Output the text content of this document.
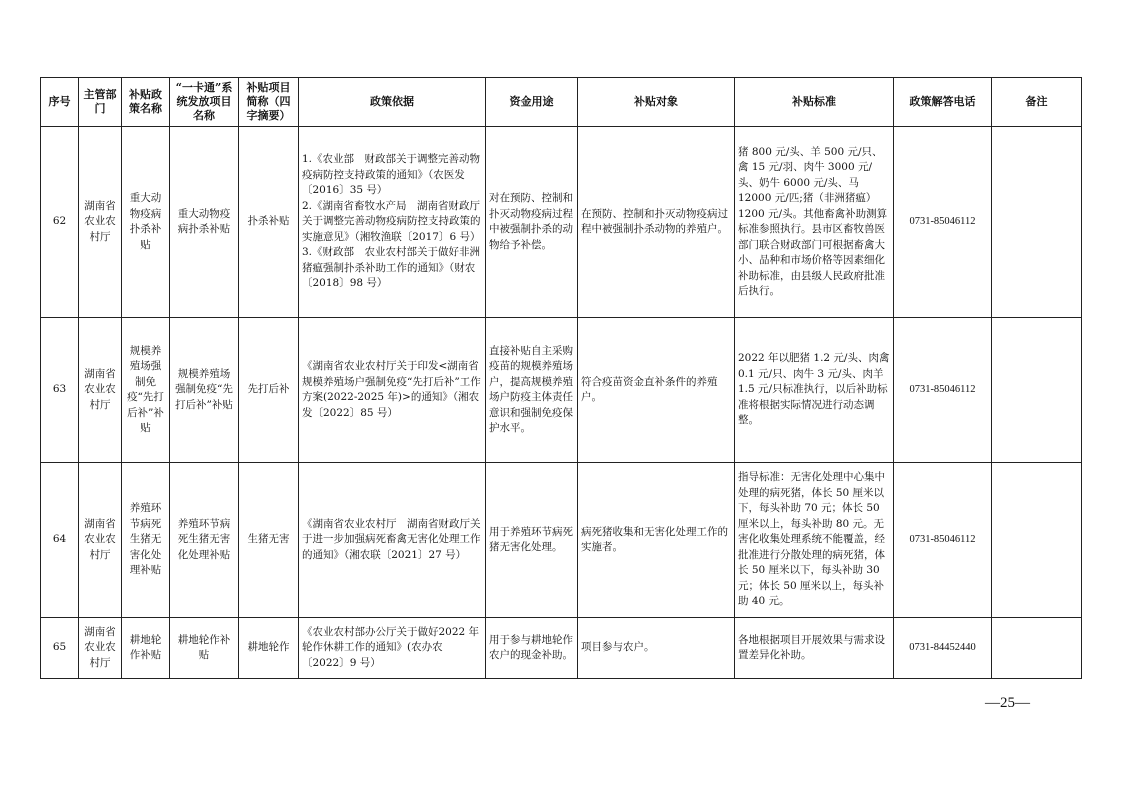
序号	主管部门	补贴政策名称	“一卡通”系统发放项目名称	补贴项目简称（四字摘要）	政策依据	资金用途	补贴对象	补贴标准	政策解答电话	备注
62	湖南省农业农村厅	重大动物疫病扑杀补贴	重大动物疫病扑杀补贴	扑杀补贴	1.《农业部　财政部关于调整完善动物疫病防控支持政策的通知》（农医发〔2016〕35 号）
2.《湖南省畜牧水产局　湖南省财政厅关于调整完善动物疫病防控支持政策的实施意见》（湘牧渔联〔2017〕6 号）
3.《财政部　农业农村部关于做好非洲猪瘟强制扑杀补助工作的通知》（财农〔2018〕98 号）	对在预防、控制和扑灭动物疫病过程中被强制扑杀的动物给予补偿。	在预防、控制和扑灭动物疫病过程中被强制扑杀动物的养殖户。	猪 800 元/头、羊 500 元/只、禽 15 元/羽、肉牛 3000 元/头、奶牛 6000 元/头、马 12000 元/匹;猪（非洲猪瘟）1200 元/头。其他畜禽补助测算标准参照执行。县市区畜牧兽医部门联合财政部门可根据畜禽大小、品种和市场价格等因素细化补助标准，由县级人民政府批准后执行。	0731-85046112	
63	湖南省农业农村厅	规模养殖场强制免疫“先打后补”补贴	规模养殖场强制免疫“先打后补”补贴	先打后补	《湖南省农业农村厅关于印发<湖南省规模养殖场户强制免疫“先打后补”工作方案(2022-2025 年)>的通知》（湘农发〔2022〕85 号）	直接补贴自主采购疫苗的规模养殖场户，提高规模养殖场户防疫主体责任意识和强制免疫保护水平。	符合疫苗资金直补条件的养殖户。	2022 年以肥猪 1.2 元/头、肉禽 0.1 元/只、肉牛 3 元/头、肉羊 1.5 元/只标准执行，以后补助标准将根据实际情况进行动态调整。	0731-85046112	
64	湖南省农业农村厅	养殖环节病死生猪无害化处理补贴	养殖环节病死生猪无害化处理补贴	生猪无害	《湖南省农业农村厅　湖南省财政厅关于进一步加强病死畜禽无害化处理工作的通知》（湘农联〔2021〕27 号）	用于养殖环节病死猪无害化处理。	病死猪收集和无害化处理工作的实施者。	指导标准：无害化处理中心集中处理的病死猪，体长 50 厘米以下，每头补助 70 元；体长 50 厘米以上，每头补助 80 元。无害化收集处理系统不能覆盖，经批准进行分散处理的病死猪，体长 50 厘米以下，每头补助 30 元；体长 50 厘米以上，每头补助 40 元。	0731-85046112	
65	湖南省农业农村厅	耕地轮作补贴	耕地轮作补贴	耕地轮作	《农业农村部办公厅关于做好2022 年轮作休耕工作的通知》(农办农〔2022〕9 号）	用于参与耕地轮作农户的现金补助。	项目参与农户。	各地根据项目开展效果与需求设置差异化补助。	0731-84452440	
—25—
